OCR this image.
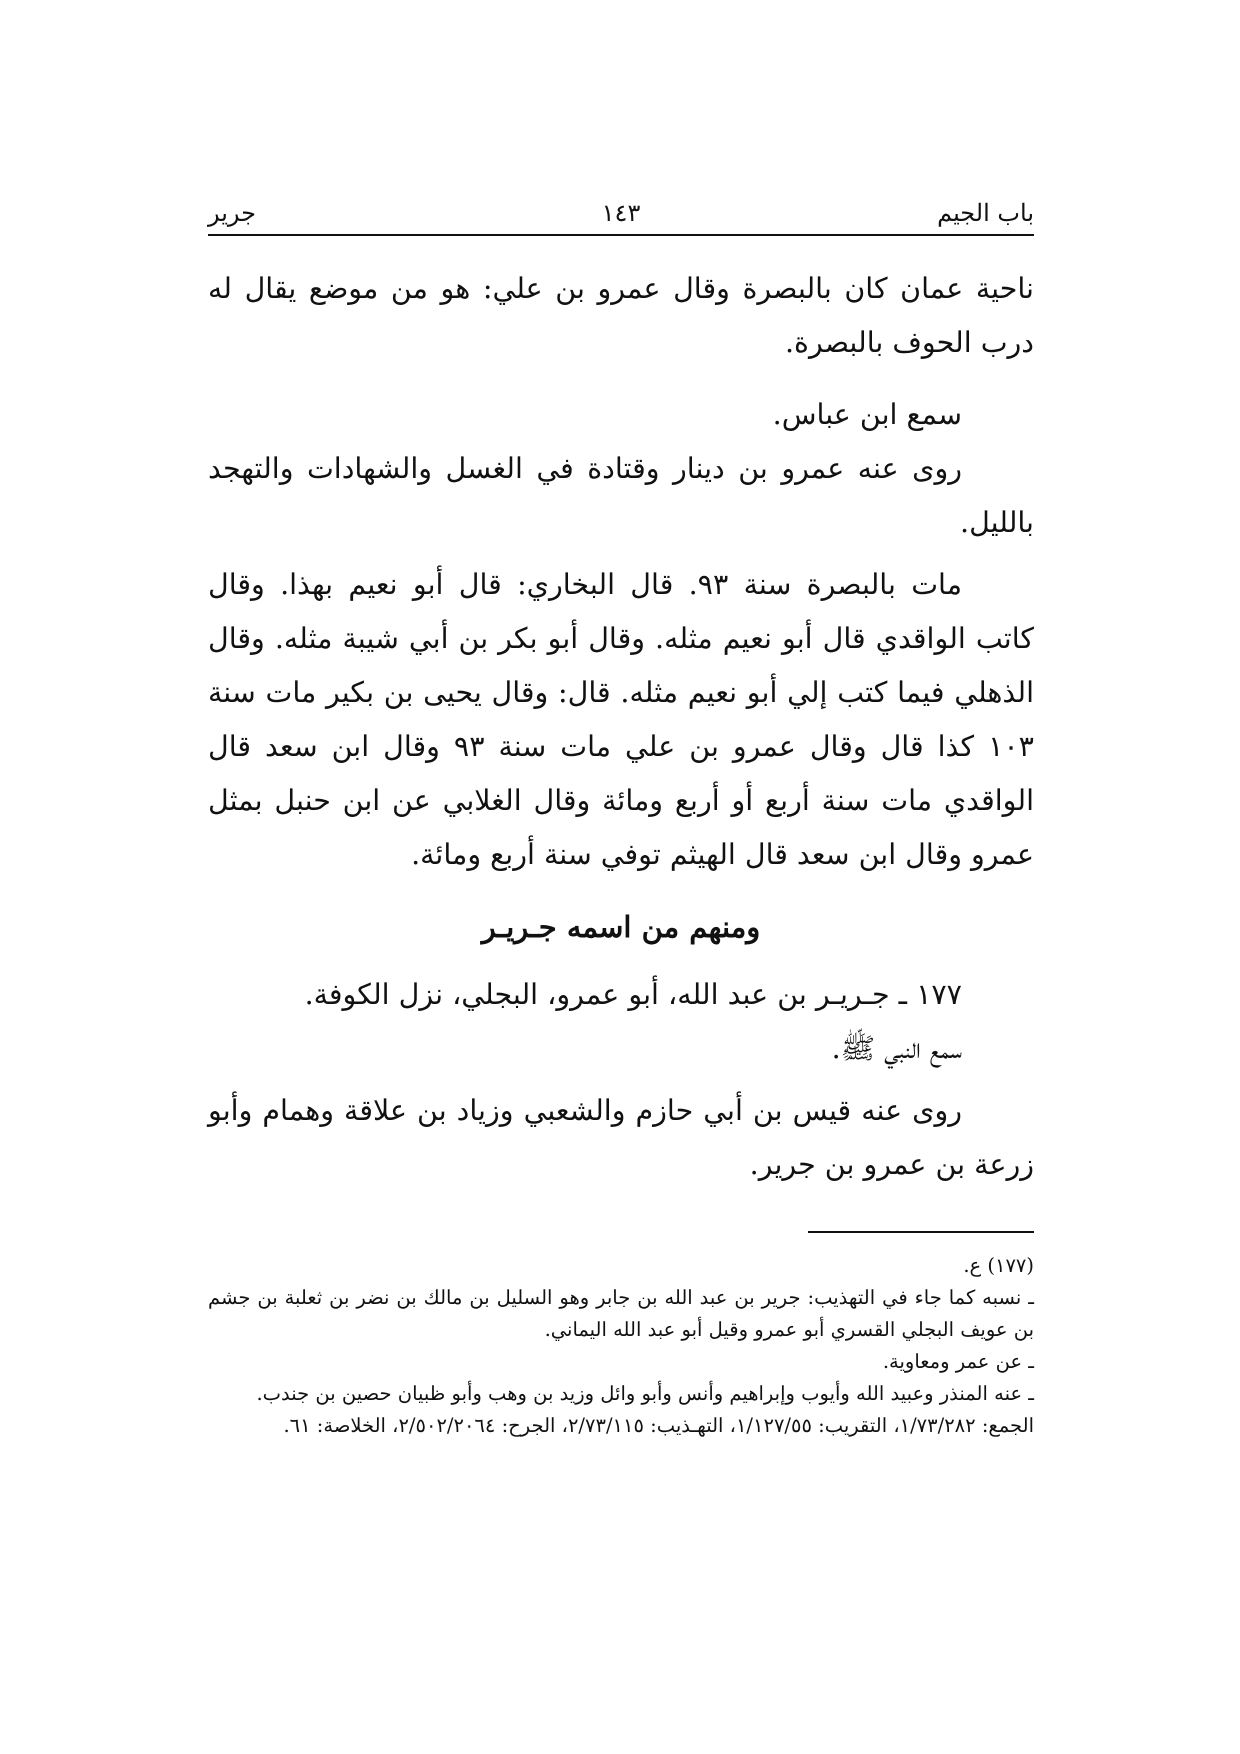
باب الجيم
١٤٣
جرير

ناحية عمان كان بالبصرة وقال عمرو بن علي: هو من موضع يقال له درب الحوف بالبصرة.

سمع ابن عباس.

روى عنه عمرو بن دينار وقتادة في الغسل والشهادات والتهجد بالليل.

مات بالبصرة سنة ٩٣. قال البخاري: قال أبو نعيم بهذا. وقال كاتب الواقدي قال أبو نعيم مثله. وقال أبو بكر بن أبي شيبة مثله. وقال الذهلي فيما كتب إلي أبو نعيم مثله. قال: وقال يحيى بن بكير مات سنة ١٠٣ كذا قال وقال عمرو بن علي مات سنة ٩٣ وقال ابن سعد قال الواقدي مات سنة أربع أو أربع ومائة وقال الغلابي عن ابن حنبل بمثل عمرو وقال ابن سعد قال الهيثم توفي سنة أربع ومائة.

ومنهم من اسمه جـريـر

١٧٧ ـ جـريـر بن عبد الله، أبو عمرو، البجلي، نزل الكوفة.

سمع النبي ﷺ.

روى عنه قيس بن أبي حازم والشعبي وزياد بن علاقة وهمام وأبو زرعة بن عمرو بن جرير.

(١٧٧) ع.

ـ نسبه كما جاء في التهذيب: جرير بن عبد الله بن جابر وهو السليل بن مالك بن نضر بن ثعلبة بن جشم بن عويف البجلي القسري أبو عمرو وقيل أبو عبد الله اليماني.

ـ عن عمر ومعاوية.

ـ عنه المنذر وعبيد الله وأيوب وإبراهيم وأنس وأبو وائل وزيد بن وهب وأبو ظبيان حصين بن جندب.

الجمع: ١/٧٣/٢٨٢، التقريب: ١/١٢٧/٥٥، التهـذيب: ٢/٧٣/١١٥، الجرح: ٢/٥٠٢/٢٠٦٤، الخلاصة: ٦١.
